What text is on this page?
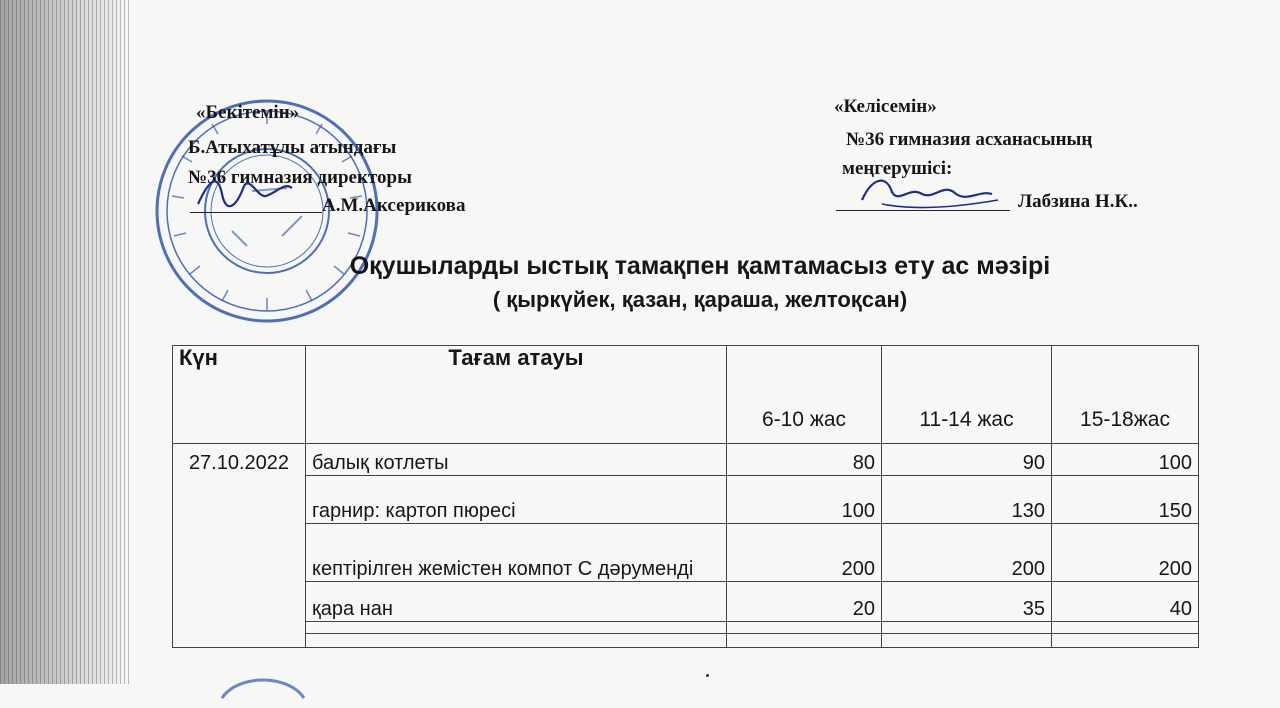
«Бекітемін»
Б.Атыхатұлы атындағы
№36 гимназия директоры
А.М.Аксерикова
«Келісемін»
№36 гимназия асханасының
меңгерушісі:
Лабзина Н.К..
Оқушыларды ыстық тамақпен қамтамасыз ету ас мәзірі
( қыркүйек, қазан, қараша, желтоқсан)
Күн	Тағам атауы	6-10 жас	11-14 жас	15-18жас

27.10.2022	балық котлеты	80	90	100
	гарнир: картоп пюресі	100	130	150
	кептірілген жемістен компот С дәруменді	200	200	200
	қара нан	20	35	40
